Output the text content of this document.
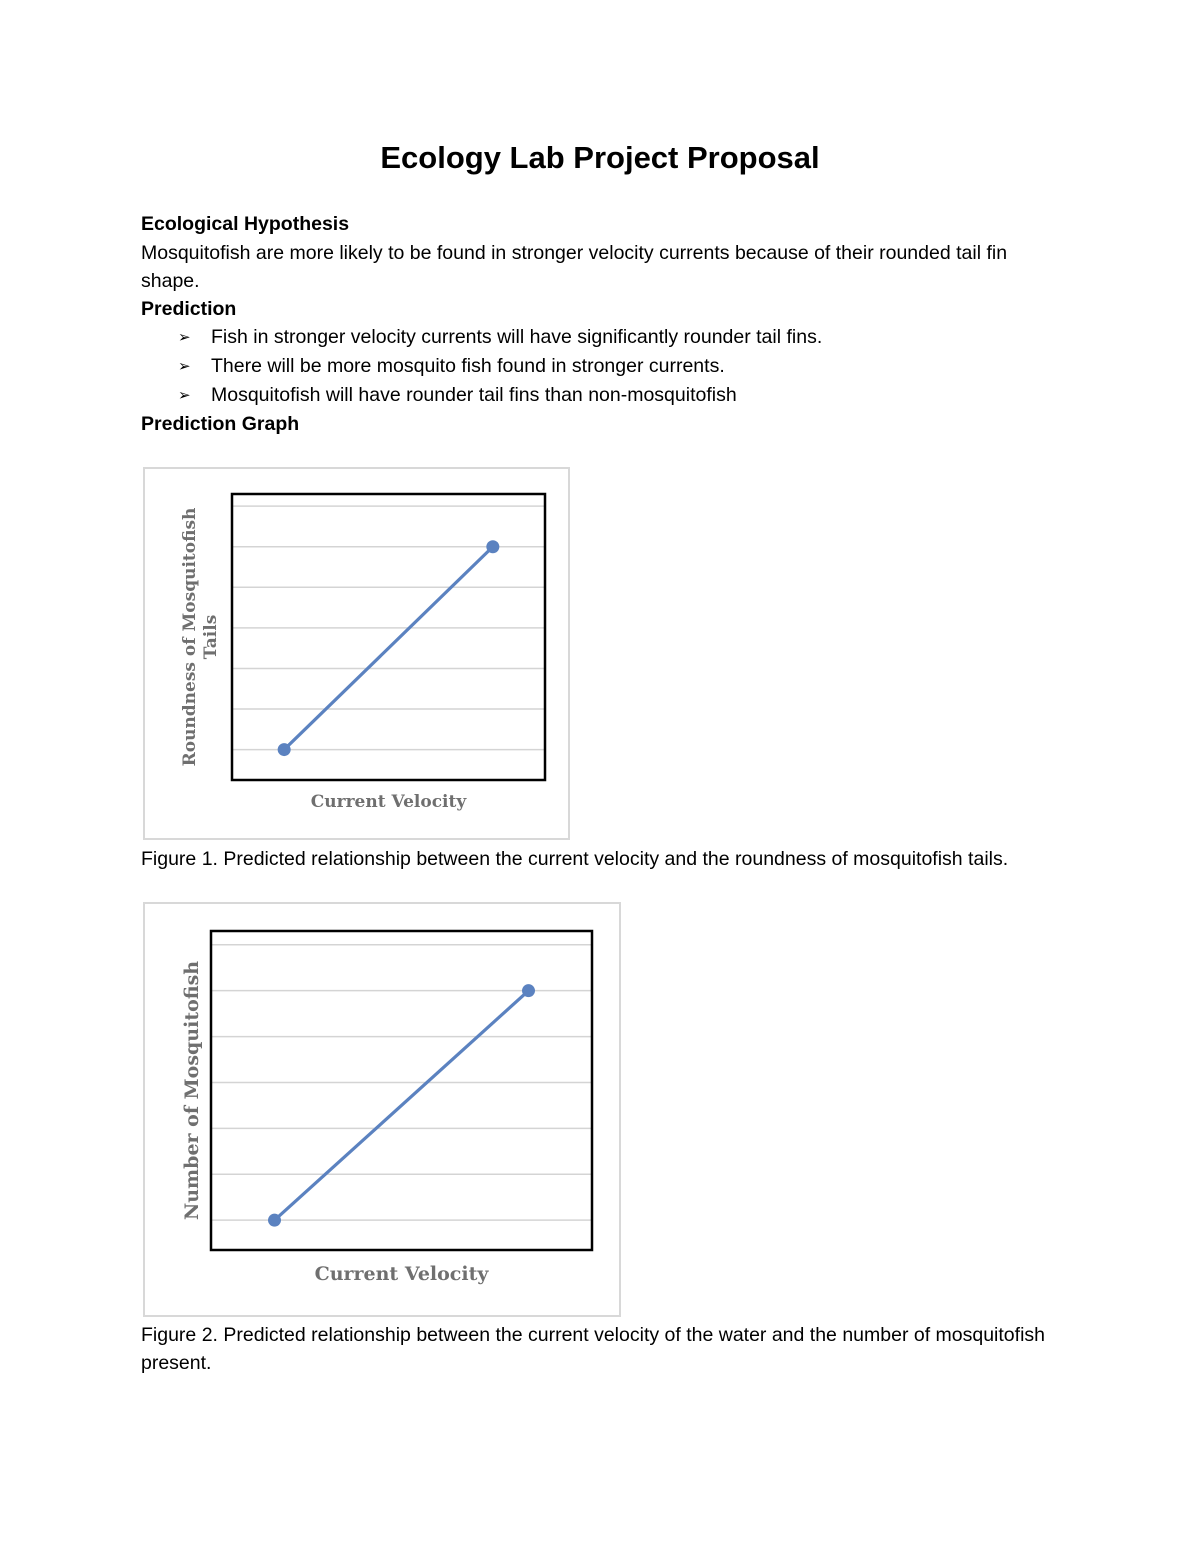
Ecology Lab Project Proposal

Ecological Hypothesis

Mosquitofish are more likely to be found in stronger velocity currents because of their rounded tail fin shape.

Prediction

➢ Fish in stronger velocity currents will have significantly rounder tail fins.
➢ There will be more mosquito fish found in stronger currents.
➢ Mosquitofish will have rounder tail fins than non-mosquitofish

Prediction Graph

Current Velocity
Roundness of Mosquitofish Tails

Figure 1. Predicted relationship between the current velocity and the roundness of mosquitofish tails.

Current Velocity
Number of Mosquitofish

Figure 2. Predicted relationship between the current velocity of the water and the number of mosquitofish present.
